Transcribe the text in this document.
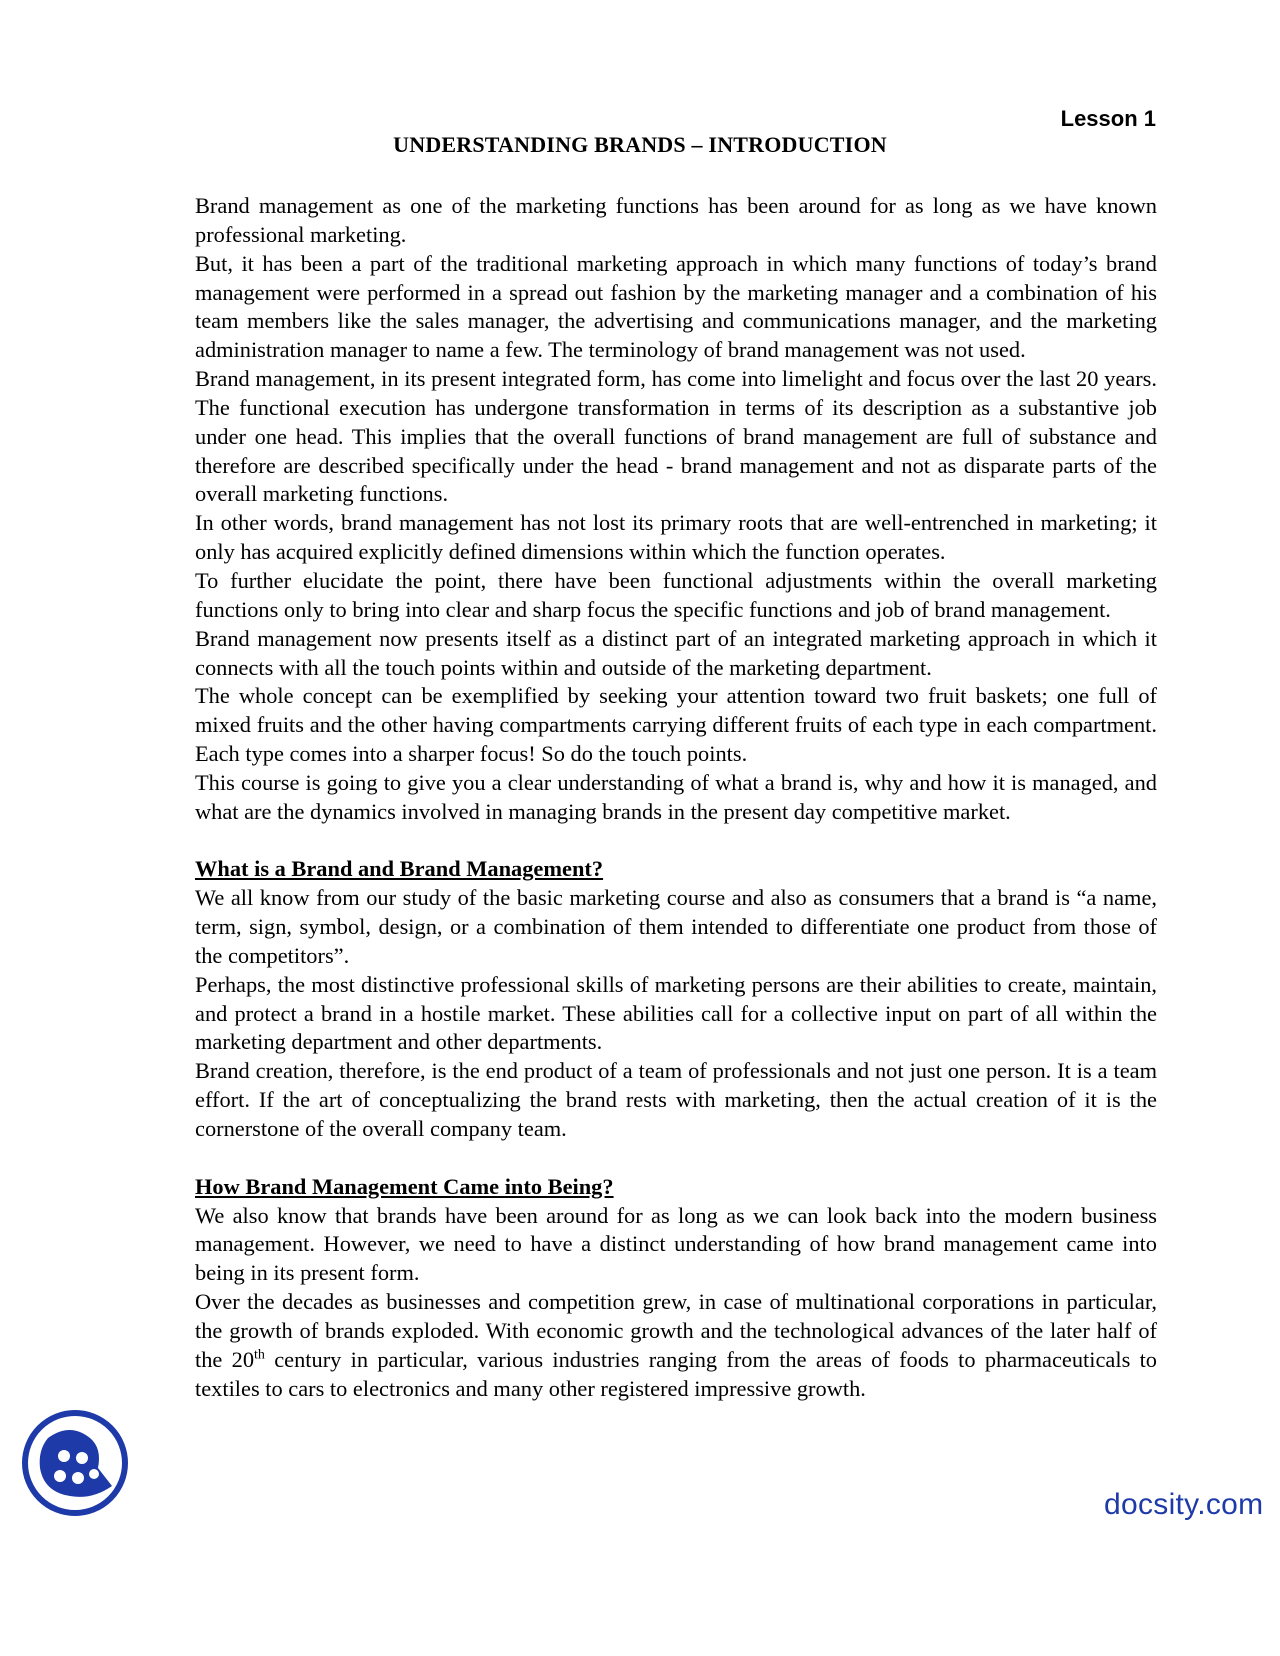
Lesson 1
UNDERSTANDING BRANDS – INTRODUCTION

Brand management as one of the marketing functions has been around for as long as we have known professional marketing.

But, it has been a part of the traditional marketing approach in which many functions of today’s brand management were performed in a spread out fashion by the marketing manager and a combination of his team members like the sales manager, the advertising and communications manager, and the marketing administration manager to name a few. The terminology of brand management was not used.

Brand management, in its present integrated form, has come into limelight and focus over the last 20 years. The functional execution has undergone transformation in terms of its description as a substantive job under one head. This implies that the overall functions of brand management are full of substance and therefore are described specifically under the head - brand management and not as disparate parts of the overall marketing functions.

In other words, brand management has not lost its primary roots that are well-entrenched in marketing; it only has acquired explicitly defined dimensions within which the function operates.

To further elucidate the point, there have been functional adjustments within the overall marketing functions only to bring into clear and sharp focus the specific functions and job of brand management.

Brand management now presents itself as a distinct part of an integrated marketing approach in which it connects with all the touch points within and outside of the marketing department.

The whole concept can be exemplified by seeking your attention toward two fruit baskets; one full of mixed fruits and the other having compartments carrying different fruits of each type in each compartment. Each type comes into a sharper focus! So do the touch points.

This course is going to give you a clear understanding of what a brand is, why and how it is managed, and what are the dynamics involved in managing brands in the present day competitive market.

What is a Brand and Brand Management?

We all know from our study of the basic marketing course and also as consumers that a brand is “a name, term, sign, symbol, design, or a combination of them intended to differentiate one product from those of the competitors”.

Perhaps, the most distinctive professional skills of marketing persons are their abilities to create, maintain, and protect a brand in a hostile market. These abilities call for a collective input on part of all within the marketing department and other departments.

Brand creation, therefore, is the end product of a team of professionals and not just one person. It is a team effort. If the art of conceptualizing the brand rests with marketing, then the actual creation of it is the cornerstone of the overall company team.

How Brand Management Came into Being?

We also know that brands have been around for as long as we can look back into the modern business management. However, we need to have a distinct understanding of how brand management came into being in its present form.

Over the decades as businesses and competition grew, in case of multinational corporations in particular, the growth of brands exploded. With economic growth and the technological advances of the later half of the 20th century in particular, various industries ranging from the areas of foods to pharmaceuticals to textiles to cars to electronics and many other registered impressive growth.

docsity.com
